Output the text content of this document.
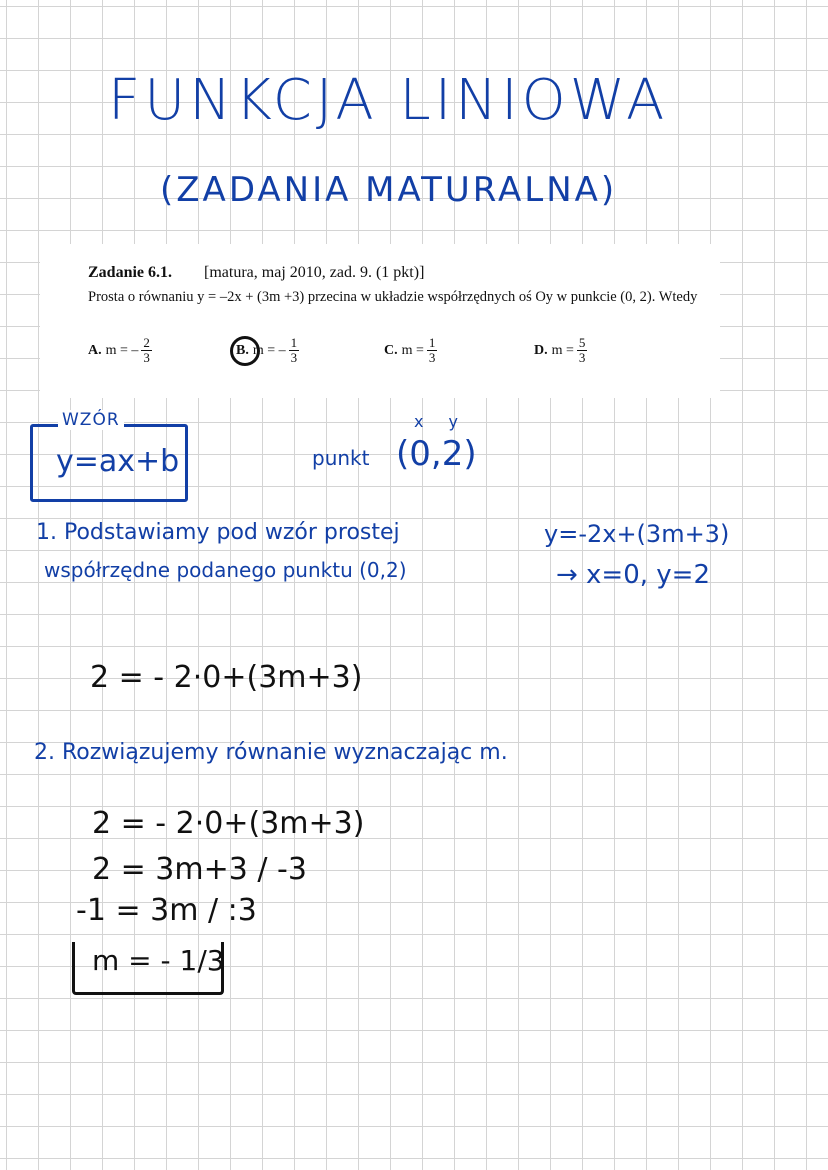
FUNKCJA LINIOWA
(ZADANIA MATURALNA)
Zadanie 6.1. [matura, maj 2010, zad. 9. (1 pkt)]
Prosta o równaniu y = –2x + (3m +3) przecina w układzie współrzędnych oś Oy w punkcie (0, 2). Wtedy
A. m = – $\frac{2}{3}$	B. m = – $\frac{1}{3}$	C. $m = \frac{1}{3}$	D. $m = \frac{5}{3}$
WZÓR
y=ax+b
x y
punkt (0,2)
1. Podstawiamy pod wzór prostej	y=-2x+(3m+3)
współrzędne podanego punktu (0,2)	→ x=0, y=2
2 = - 2·0+(3m+3)
2. Rozwiązujemy równanie wyznaczając m.
2 = - 2·0+(3m+3)
2 = 3m+3 / -3
-1 = 3m / :3
m = - 1/3
